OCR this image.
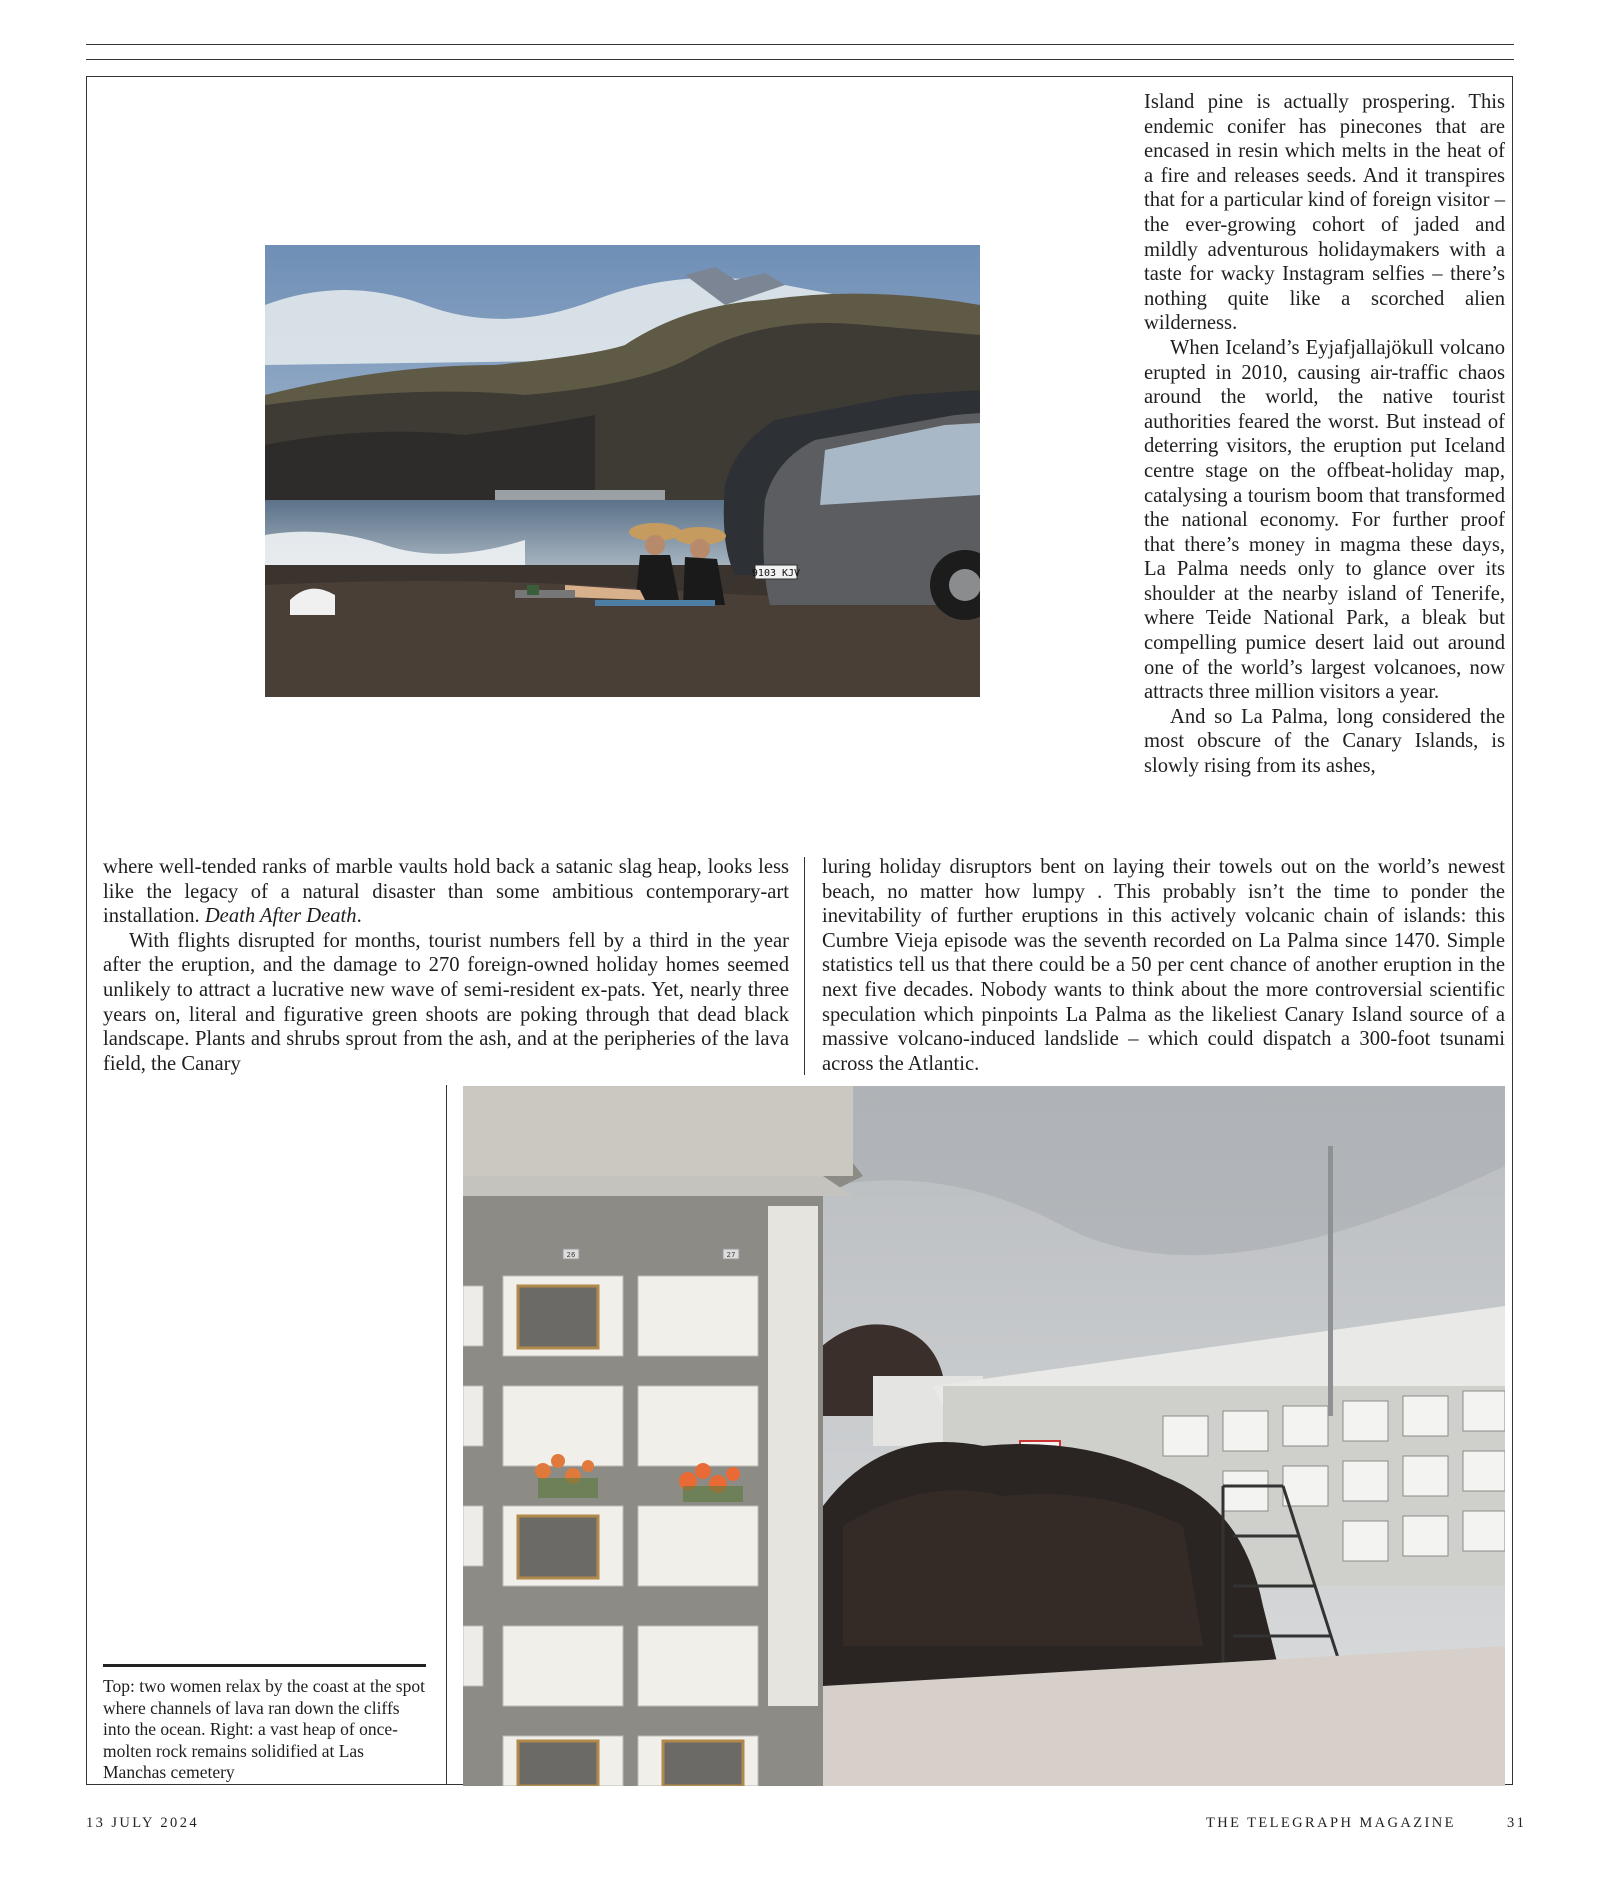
9103 KJV

Island pine is actually prospering. This endemic conifer has pinecones that are encased in resin which melts in the heat of a fire and releases seeds. And it transpires that for a particular kind of foreign visitor – the ever-growing cohort of jaded and mildly adventurous holidaymakers with a taste for wacky Instagram selfies – there’s nothing quite like a scorched alien wilderness.

When Iceland’s Eyjafjallajökull volcano erupted in 2010, causing air-traffic chaos around the world, the native tourist authorities feared the worst. But instead of deterring visitors, the eruption put Iceland centre stage on the offbeat-holiday map, catalysing a tourism boom that transformed the national economy. For further proof that there’s money in magma these days, La Palma needs only to glance over its shoulder at the nearby island of Tenerife, where Teide National Park, a bleak but compelling pumice desert laid out around one of the world’s largest volcanoes, now attracts three million visitors a year.

And so La Palma, long considered the most obscure of the Canary Islands, is slowly rising from its ashes,

where well-tended ranks of marble vaults hold back a satanic slag heap, looks less like the legacy of a natural disaster than some ambitious contemporary-art installation. Death After Death.

With flights disrupted for months, tourist numbers fell by a third in the year after the eruption, and the damage to 270 foreign-owned holiday homes seemed unlikely to attract a lucrative new wave of semi-resident ex-pats. Yet, nearly three years on, literal and figurative green shoots are poking through that dead black landscape. Plants and shrubs sprout from the ash, and at the peripheries of the lava field, the Canary

luring holiday disruptors bent on laying their towels out on the world’s newest beach, no matter how lumpy . This probably isn’t the time to ponder the inevitability of further eruptions in this actively volcanic chain of islands: this Cumbre Vieja episode was the seventh recorded on La Palma since 1470. Simple statistics tell us that there could be a 50 per cent chance of another eruption in the next five decades. Nobody wants to think about the more controversial scientific speculation which pinpoints La Palma as the likeliest Canary Island source of a massive volcano-induced landslide – which could dispatch a 300-foot tsunami across the Atlantic.

26	27
Top: two women relax by the coast at the spot where channels of lava ran down the cliffs into the ocean. Right: a vast heap of once-molten rock remains solidified at Las Manchas cemetery
13 JULY 2024	THE TELEGRAPH MAGAZINE	31
